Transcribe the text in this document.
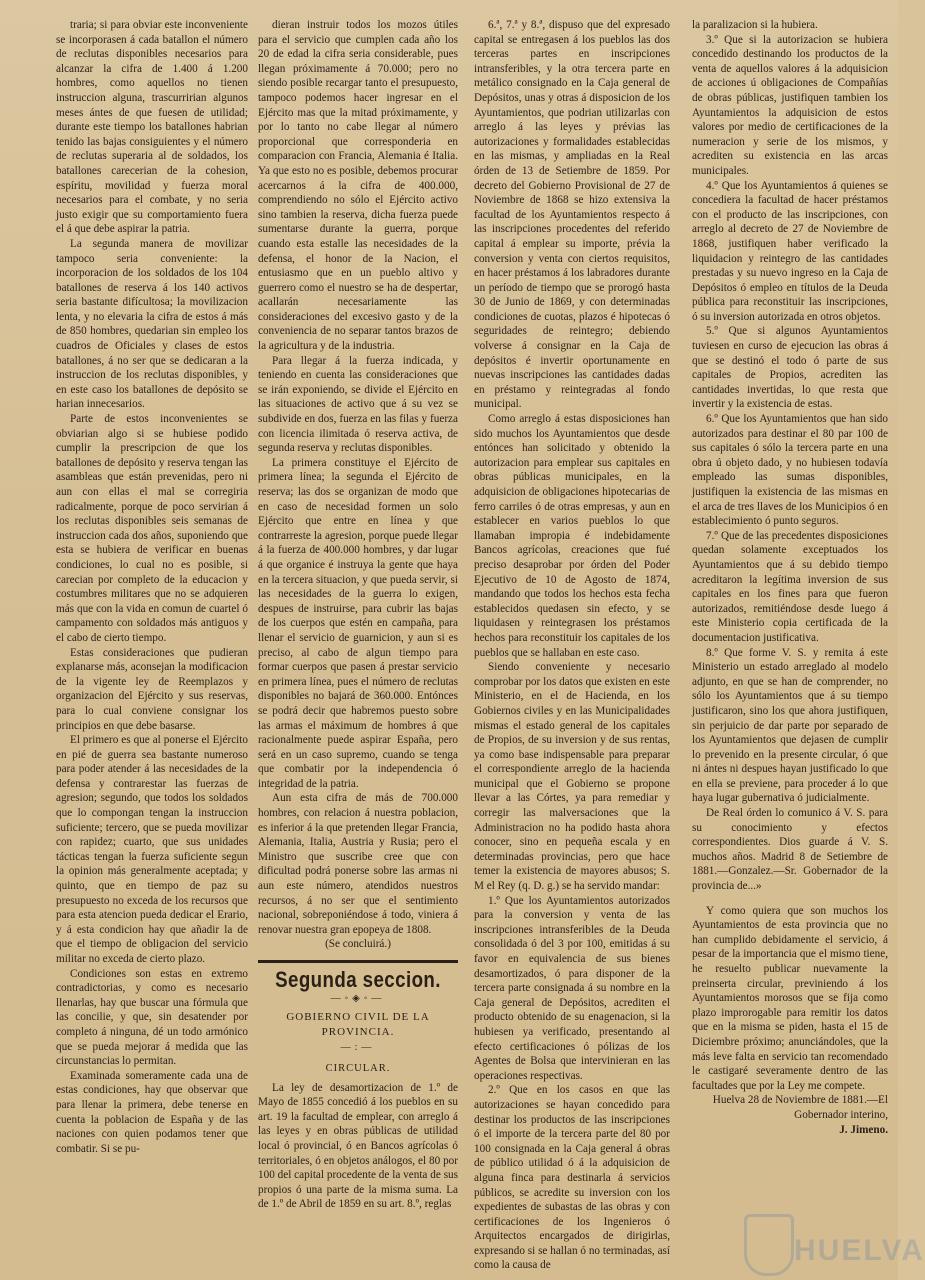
traria; si para obviar este inconveniente se incorporasen á cada batallon el número de reclutas disponibles necesarios para alcanzar la cifra de 1.400 á 1.200 hombres, como aquellos no tienen instruccion alguna, trascurririan algunos meses ántes de que fuesen de utilidad; durante este tiempo los batallones habrian tenido las bajas consiguientes y el número de reclutas superaria al de soldados, los batallones carecerian de la cohesion, espíritu, movilidad y fuerza moral necesarios para el combate, y no seria justo exigir que su comportamiento fuera el á que debe aspirar la patria.

La segunda manera de movilizar tampoco seria conveniente: la incorporacion de los soldados de los 104 batallones de reserva á los 140 activos seria bastante difícultosa; la movilizacion lenta, y no elevaria la cifra de estos á más de 850 hombres, quedarian sin empleo los cuadros de Oficiales y clases de estos batallones, á no ser que se dedicaran a la instruccion de los reclutas disponibles, y en este caso los batallones de depósito se harian innecesarios.

Parte de estos inconvenientes se obviarian algo si se hubiese podido cumplir la prescripcion de que los batallones de depósito y reserva tengan las asambleas que están prevenidas, pero ni aun con ellas el mal se corregiria radicalmente, porque de poco servirian á los reclutas disponibles seis semanas de instruccion cada dos años, suponiendo que esta se hubiera de verificar en buenas condiciones, lo cual no es posible, si carecian por completo de la educacion y costumbres militares que no se adquieren más que con la vida en comun de cuartel ó campamento con soldados más antiguos y el cabo de cierto tiempo.

Estas consideraciones que pudieran explanarse más, aconsejan la modificacion de la vigente ley de Reemplazos y organizacion del Ejército y sus reservas, para lo cual conviene consignar los principios en que debe basarse.

El primero es que al ponerse el Ejército en pié de guerra sea bastante numeroso para poder atender á las necesidades de la defensa y contrarestar las fuerzas de agresion; segundo, que todos los soldados que lo compongan tengan la instruccion suficiente; tercero, que se pueda movilizar con rapidez; cuarto, que sus unidades tácticas tengan la fuerza suficiente segun la opinion más generalmente aceptada; y quinto, que en tiempo de paz su presupuesto no exceda de los recursos que para esta atencion pueda dedicar el Erario, y á esta condicion hay que añadir la de que el tiempo de obligacion del servicio militar no exceda de cierto plazo.

Condiciones son estas en extremo contradictorias, y como es necesario llenarlas, hay que buscar una fórmula que las concilie, y que, sin desatender por completo á ninguna, dé un todo armónico que se pueda mejorar á medida que las circunstancias lo permitan.

Examinada someramente cada una de estas condiciones, hay que observar que para llenar la primera, debe tenerse en cuenta la poblacion de España y de las naciones con quien podamos tener que combatir. Si se pu-

dieran instruir todos los mozos útiles para el servicio que cumplen cada año los 20 de edad la cifra seria considerable, pues llegan próximamente á 70.000; pero no siendo posible recargar tanto el presupuesto, tampoco podemos hacer ingresar en el Ejército mas que la mitad próximamente, y por lo tanto no cabe llegar al número proporcional que corresponderia en comparacion con Francia, Alemania é Italia. Ya que esto no es posible, debemos procurar acercarnos á la cifra de 400.000, comprendiendo no sólo el Ejército activo sino tambien la reserva, dicha fuerza puede sumentarse durante la guerra, porque cuando esta estalle las necesidades de la defensa, el honor de la Nacion, el entusiasmo que en un pueblo altivo y guerrero como el nuestro se ha de despertar, acallarán necesariamente las consideraciones del excesivo gasto y de la conveniencia de no separar tantos brazos de la agricultura y de la industria.

Para llegar á la fuerza indicada, y teniendo en cuenta las consideraciones que se irán exponiendo, se divide el Ejército en las situaciones de activo que á su vez se subdivide en dos, fuerza en las filas y fuerza con licencia ilimitada ó reserva activa, de segunda reserva y reclutas disponibles.

La primera constituye el Ejército de primera línea; la segunda el Ejército de reserva; las dos se organizan de modo que en caso de necesidad formen un solo Ejército que entre en línea y que contrarreste la agresion, porque puede llegar á la fuerza de 400.000 hombres, y dar lugar á que organice é instruya la gente que haya en la tercera situacion, y que pueda servir, si las necesidades de la guerra lo exigen, despues de instruirse, para cubrir las bajas de los cuerpos que estén en campaña, para llenar el servicio de guarnicion, y aun si es preciso, al cabo de algun tiempo para formar cuerpos que pasen á prestar servicio en primera línea, pues el número de reclutas disponibles no bajará de 360.000. Entónces se podrá decir que habremos puesto sobre las armas el máximum de hombres á que racionalmente puede aspirar España, pero será en un caso supremo, cuando se tenga que combatir por la independencia ó integridad de la patria.

Aun esta cifra de más de 700.000 hombres, con relacion á nuestra poblacion, es inferior á la que pretenden llegar Francia, Alemania, Italia, Austria y Rusia; pero el Ministro que suscribe cree que con dificultad podrá ponerse sobre las armas ni aun este número, atendidos nuestros recursos, á no ser que el sentimiento nacional, sobreponiéndose á todo, viniera á renovar nuestra gran epopeya de 1808.

(Se concluirá.)

Segunda seccion.
—◦◈◦—
GOBIERNO CIVIL DE LA PROVINCIA.
—:—
CIRCULAR.

La ley de desamortizacion de 1.º de Mayo de 1855 concedió á los pueblos en su art. 19 la facultad de emplear, con arreglo á las leyes y en obras públicas de utilidad local ó provincial, ó en Bancos agrícolas ó territoriales, ó en objetos análogos, el 80 por 100 del capital procedente de la venta de sus propios ó una parte de la misma suma. La de 1.º de Abril de 1859 en su art. 8.º, reglas

6.ª, 7.ª y 8.ª, dispuso que del expresado capital se entregasen á los pueblos las dos terceras partes en inscripciones intransferibles, y la otra tercera parte en metálico consignado en la Caja general de Depósitos, unas y otras á disposicion de los Ayuntamientos, que podrian utilizarlas con arreglo á las leyes y prévias las autorizaciones y formalidades establecidas en las mismas, y ampliadas en la Real órden de 13 de Setiembre de 1859. Por decreto del Gobierno Provisional de 27 de Noviembre de 1868 se hizo extensiva la facultad de los Ayuntamientos respecto á las inscripciones procedentes del referido capital á emplear su importe, prévia la conversion y venta con ciertos requisitos, en hacer préstamos á los labradores durante un período de tiempo que se prorogó hasta 30 de Junio de 1869, y con determinadas condiciones de cuotas, plazos é hipotecas ó seguridades de reintegro; debiendo volverse á consignar en la Caja de depósitos é invertir oportunamente en nuevas inscripciones las cantidades dadas en préstamo y reintegradas al fondo municipal.

Como arreglo á estas disposiciones han sido muchos los Ayuntamientos que desde entónces han solicitado y obtenido la autorizacion para emplear sus capitales en obras públicas municipales, en la adquisicion de obligaciones hipotecarias de ferro carriles ó de otras empresas, y aun en establecer en varios pueblos lo que llamaban impropia é indebidamente Bancos agrícolas, creaciones que fué preciso desaprobar por órden del Poder Ejecutivo de 10 de Agosto de 1874, mandando que todos los hechos esta fecha establecidos quedasen sin efecto, y se liquidasen y reintegrasen los préstamos hechos para reconstituir los capitales de los pueblos que se hallaban en este caso.

Siendo conveniente y necesario comprobar por los datos que existen en este Ministerio, en el de Hacienda, en los Gobiernos civiles y en las Municipalidades mismas el estado general de los capitales de Propios, de su inversion y de sus rentas, ya como base indispensable para preparar el correspondiente arreglo de la hacienda municipal que el Gobierno se propone llevar a las Córtes, ya para remediar y corregir las malversaciones que la Administracion no ha podido hasta ahora conocer, sino en pequeña escala y en determinadas provincias, pero que hace temer la existencia de mayores abusos; S. M el Rey (q. D. g.) se ha servido mandar:

1.º Que los Ayuntamientos autorizados para la conversion y venta de las inscripciones intransferibles de la Deuda consolidada ó del 3 por 100, emitidas á su favor en equivalencia de sus bienes desamortizados, ó para disponer de la tercera parte consignada á su nombre en la Caja general de Depósitos, acrediten el producto obtenido de su enagenacion, si la hubiesen ya verificado, presentando al efecto certificaciones ó pólizas de los Agentes de Bolsa que intervinieran en las operaciones respectivas.

2.º Que en los casos en que las autorizaciones se hayan concedido para destinar los productos de las inscripciones ó el importe de la tercera parte del 80 por 100 consignada en la Caja general á obras de público utilidad ó á la adquisicion de alguna finca para destinarla á servicios públicos, se acredite su inversion con los expedientes de subastas de las obras y con certificaciones de los Ingenieros ó Arquitectos encargados de dirigirlas, expresando si se hallan ó no terminadas, así como la causa de

la paralizacion si la hubiera.

3.º Que si la autorizacion se hubiera concedido destinando los productos de la venta de aquellos valores á la adquisicion de acciones ú obligaciones de Compañías de obras públicas, justifiquen tambien los Ayuntamientos la adquisicion de estos valores por medio de certificaciones de la numeracion y serie de los mismos, y acrediten su existencia en las arcas municipales.

4.º Que los Ayuntamientos á quienes se concediera la facultad de hacer préstamos con el producto de las inscripciones, con arreglo al decreto de 27 de Noviembre de 1868, justifiquen haber verificado la liquidacion y reintegro de las cantidades prestadas y su nuevo ingreso en la Caja de Depósitos ó empleo en títulos de la Deuda pública para reconstituir las inscripciones, ó su inversion autorizada en otros objetos.

5.º Que si algunos Ayuntamientos tuviesen en curso de ejecucion las obras á que se destinó el todo ó parte de sus capitales de Propios, acrediten las cantidades invertidas, lo que resta que invertir y la existencia de estas.

6.º Que los Ayuntamientos que han sido autorizados para destinar el 80 par 100 de sus capitales ó sólo la tercera parte en una obra ú objeto dado, y no hubiesen todavía empleado las sumas disponibles, justifiquen la existencia de las mismas en el arca de tres llaves de los Municipios ó en establecimiento ó punto seguros.

7.º Que de las precedentes disposiciones quedan solamente exceptuados los Ayuntamientos que á su debido tiempo acreditaron la legítima inversion de sus capitales en los fines para que fueron autorizados, remitiéndose desde luego á este Ministerio copia certificada de la documentacion justificativa.

8.º Que forme V. S. y remita á este Ministerio un estado arreglado al modelo adjunto, en que se han de comprender, no sólo los Ayuntamientos que á su tiempo justificaron, sino los que ahora justifiquen, sin perjuicio de dar parte por separado de los Ayuntamientos que dejasen de cumplir lo prevenido en la presente circular, ó que ni ántes ni despues hayan justificado lo que en ella se previene, para proceder á lo que haya lugar gubernativa ó judicialmente.

De Real órden lo comunico á V. S. para su conocimiento y efectos correspondientes. Dios guarde á V. S. muchos años. Madrid 8 de Setiembre de 1881.—Gonzalez.—Sr. Gobernador de la provincia de...»

Y como quiera que son muchos los Ayuntamientos de esta provincia que no han cumplido debidamente el servicio, á pesar de la importancia que el mismo tiene, he resuelto publicar nuevamente la preinserta circular, previniendo á los Ayuntamientos morosos que se fija como plazo improrogable para remitir los datos que en la misma se piden, hasta el 15 de Diciembre próximo; anunciándoles, que la más leve falta en servicio tan recomendado le castigaré severamente dentro de las facultades que por la Ley me compete.

Huelva 28 de Noviembre de 1881.—El Gobernador interino,

J. Jimeno.

HUELVA
